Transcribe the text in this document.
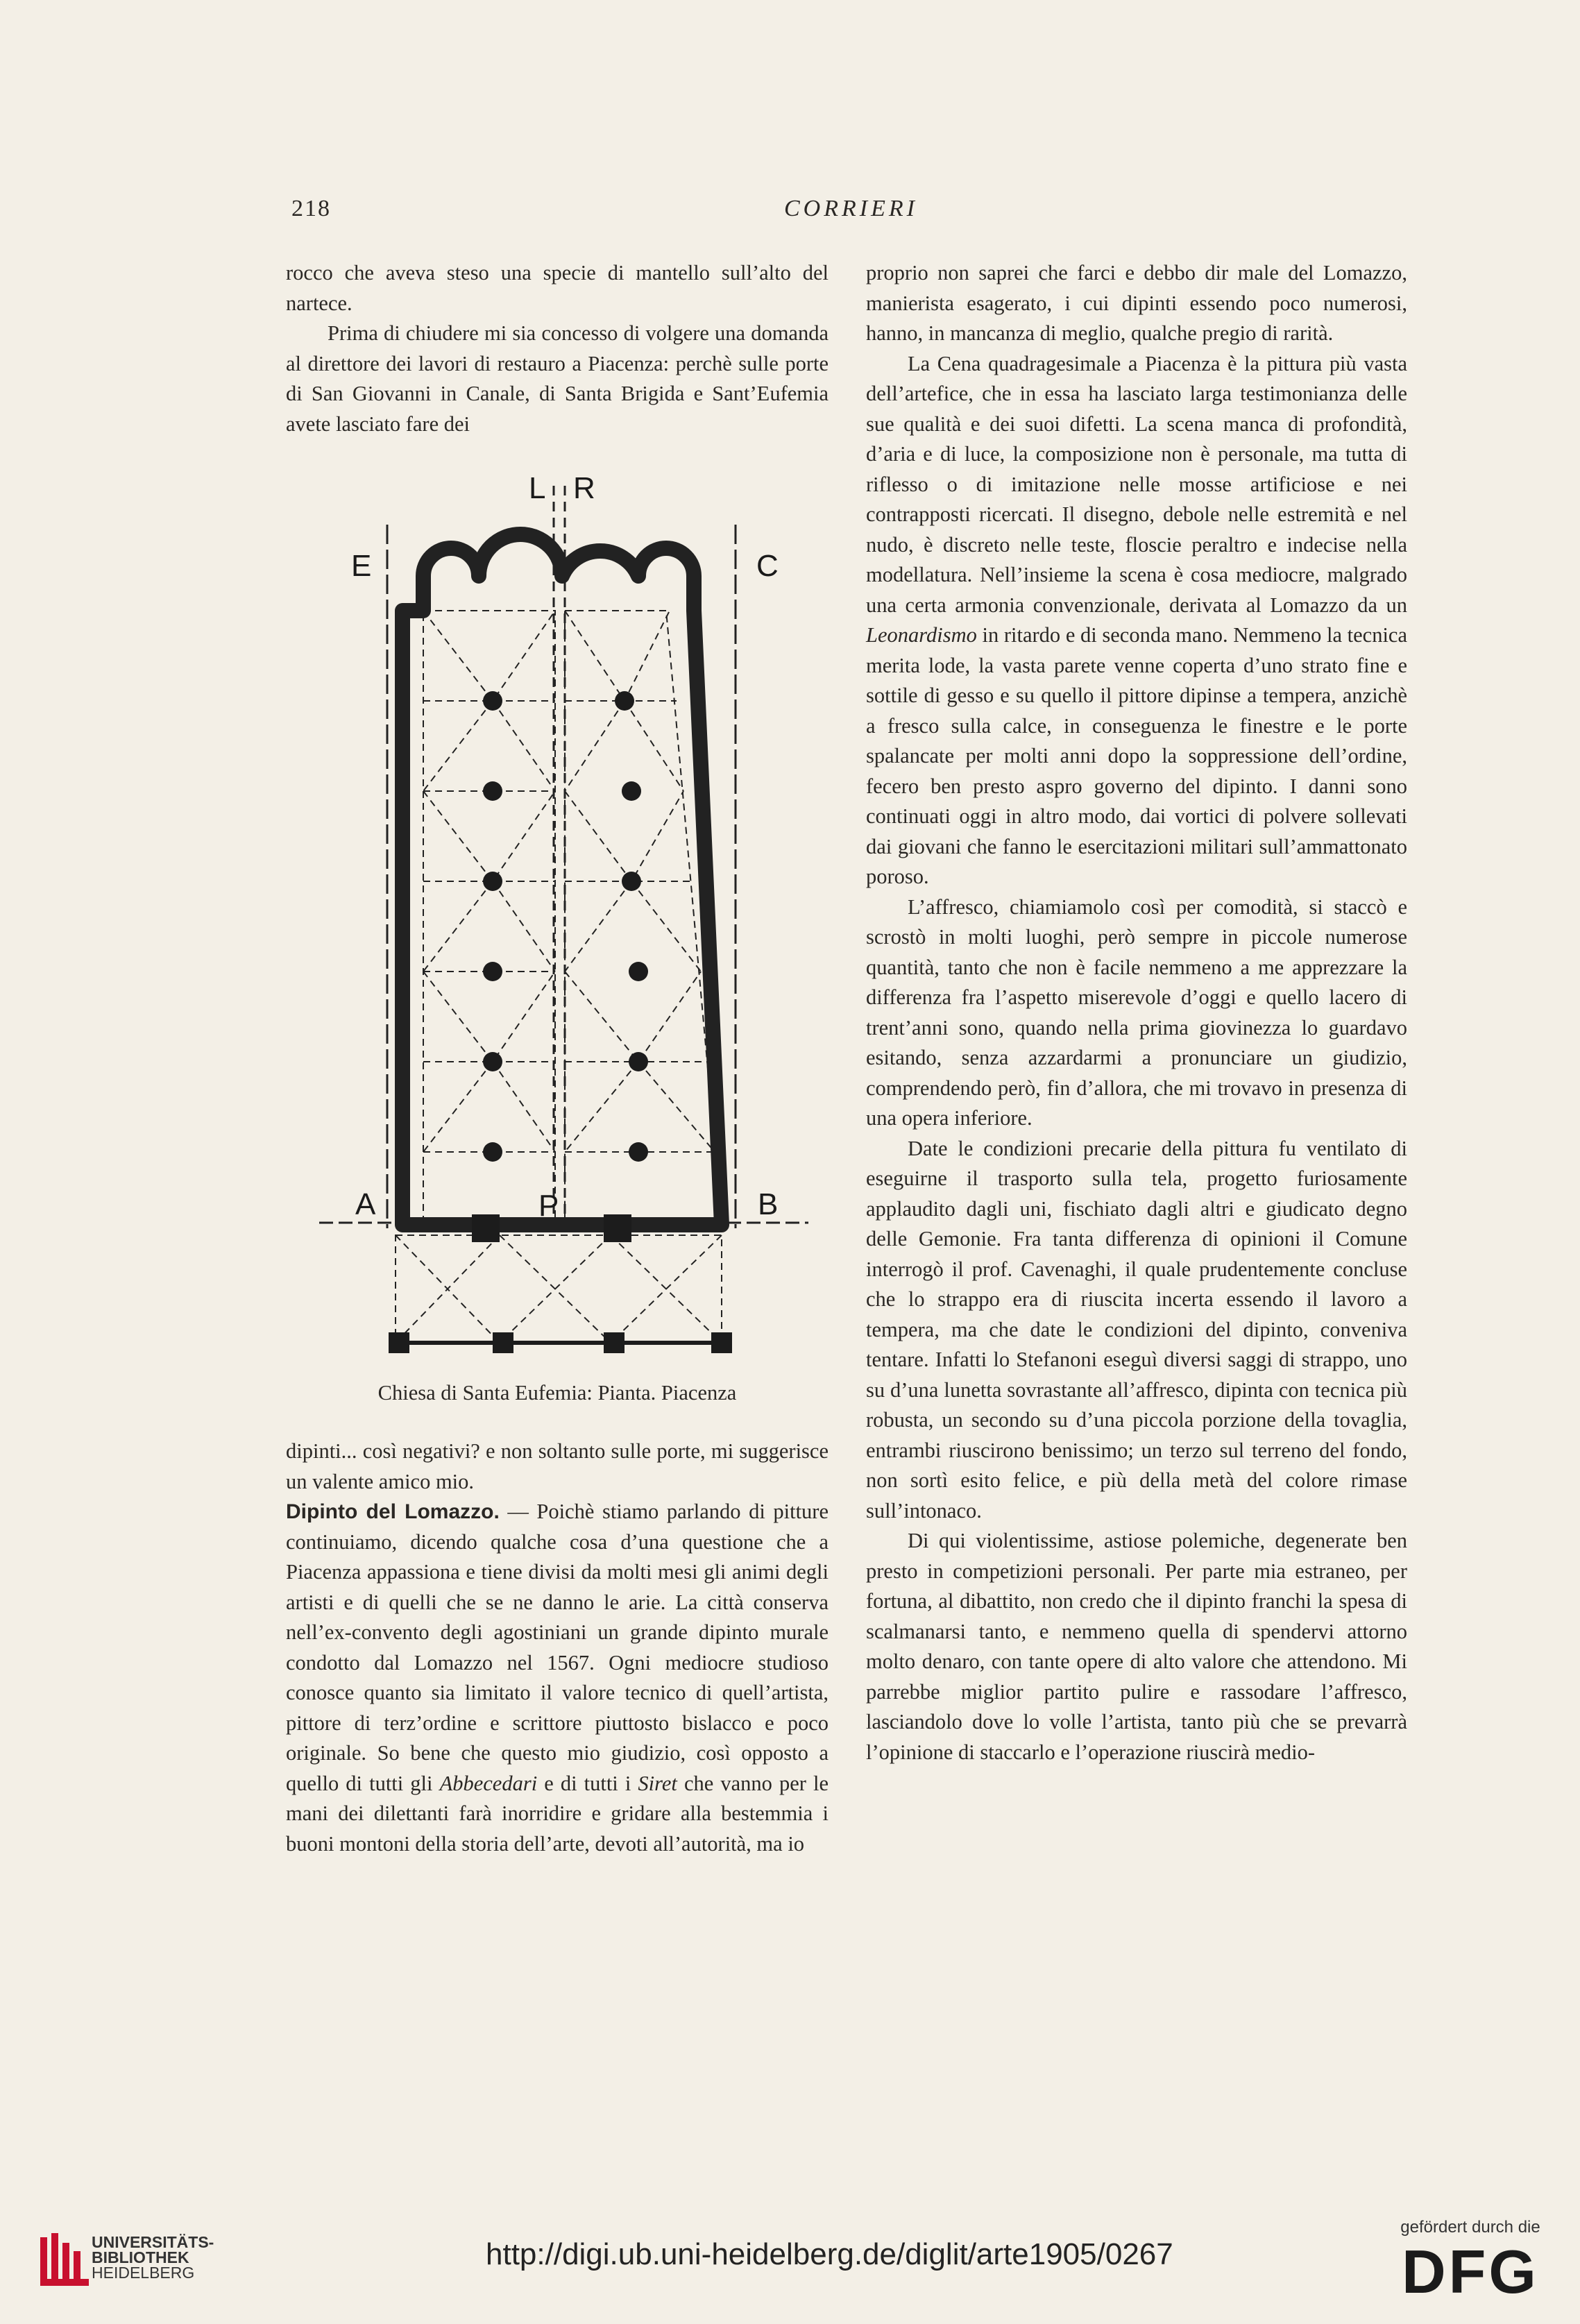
218	CORRIERI

rocco che aveva steso una specie di mantello sull’alto del nartece.

Prima di chiudere mi sia concesso di volgere una domanda al direttore dei lavori di restauro a Piacenza: perchè sulle porte di San Giovanni in Canale, di Santa Brigida e Sant’Eufemia avete lasciato fare dei

L R
E	C
A	P	B
Chiesa di Santa Eufemia: Pianta. Piacenza

dipinti... così negativi? e non soltanto sulle porte, mi suggerisce un valente amico mio.

Dipinto del Lomazzo. — Poichè stiamo parlando di pitture continuiamo, dicendo qualche cosa d’una questione che a Piacenza appassiona e tiene divisi da molti mesi gli animi degli artisti e di quelli che se ne danno le arie. La città conserva nell’ex-convento degli agostiniani un grande dipinto murale condotto dal Lomazzo nel 1567. Ogni mediocre studioso conosce quanto sia limitato il valore tecnico di quell’artista, pittore di terz’ordine e scrittore piuttosto bislacco e poco originale. So bene che questo mio giudizio, così opposto a quello di tutti gli Abbecedari e di tutti i Siret che vanno per le mani dei dilettanti farà inorridire e gridare alla bestemmia i buoni montoni della storia dell’arte, devoti all’autorità, ma io

proprio non saprei che farci e debbo dir male del Lomazzo, manierista esagerato, i cui dipinti essendo poco numerosi, hanno, in mancanza di meglio, qualche pregio di rarità.

La Cena quadragesimale a Piacenza è la pittura più vasta dell’artefice, che in essa ha lasciato larga testimonianza delle sue qualità e dei suoi difetti. La scena manca di profondità, d’aria e di luce, la composizione non è personale, ma tutta di riflesso o di imitazione nelle mosse artificiose e nei contrapposti ricercati. Il disegno, debole nelle estremità e nel nudo, è discreto nelle teste, floscie peraltro e indecise nella modellatura. Nell’insieme la scena è cosa mediocre, malgrado una certa armonia convenzionale, derivata al Lomazzo da un Leonardismo in ritardo e di seconda mano. Nemmeno la tecnica merita lode, la vasta parete venne coperta d’uno strato fine e sottile di gesso e su quello il pittore dipinse a tempera, anzichè a fresco sulla calce, in conseguenza le finestre e le porte spalancate per molti anni dopo la soppressione dell’ordine, fecero ben presto aspro governo del dipinto. I danni sono continuati oggi in altro modo, dai vortici di polvere sollevati dai giovani che fanno le esercitazioni militari sull’ammattonato poroso.

L’affresco, chiamiamolo così per comodità, si staccò e scrostò in molti luoghi, però sempre in piccole numerose quantità, tanto che non è facile nemmeno a me apprezzare la differenza fra l’aspetto miserevole d’oggi e quello lacero di trent’anni sono, quando nella prima giovinezza lo guardavo esitando, senza azzardarmi a pronunciare un giudizio, comprendendo però, fin d’allora, che mi trovavo in presenza di una opera inferiore.

Date le condizioni precarie della pittura fu ventilato di eseguirne il trasporto sulla tela, progetto furiosamente applaudito dagli uni, fischiato dagli altri e giudicato degno delle Gemonie. Fra tanta differenza di opinioni il Comune interrogò il prof. Cavenaghi, il quale prudentemente concluse che lo strappo era di riuscita incerta essendo il lavoro a tempera, ma che date le condizioni del dipinto, conveniva tentare. Infatti lo Stefanoni eseguì diversi saggi di strappo, uno su d’una lunetta sovrastante all’affresco, dipinta con tecnica più robusta, un secondo su d’una piccola porzione della tovaglia, entrambi riuscirono benissimo; un terzo sul terreno del fondo, non sortì esito felice, e più della metà del colore rimase sull’intonaco.

Di qui violentissime, astiose polemiche, degenerate ben presto in competizioni personali. Per parte mia estraneo, per fortuna, al dibattito, non credo che il dipinto franchi la spesa di scalmanarsi tanto, e nemmeno quella di spendervi attorno molto denaro, con tante opere di alto valore che attendono. Mi parrebbe miglior partito pulire e rassodare l’affresco, lasciandolo dove lo volle l’artista, tanto più che se prevarrà l’opinione di staccarlo e l’operazione riuscirà medio-

UNIVERSITÄTS-
BIBLIOTHEK
HEIDELBERG
http://digi.ub.uni-heidelberg.de/diglit/arte1905/0267
gefördert durch die
DFG
